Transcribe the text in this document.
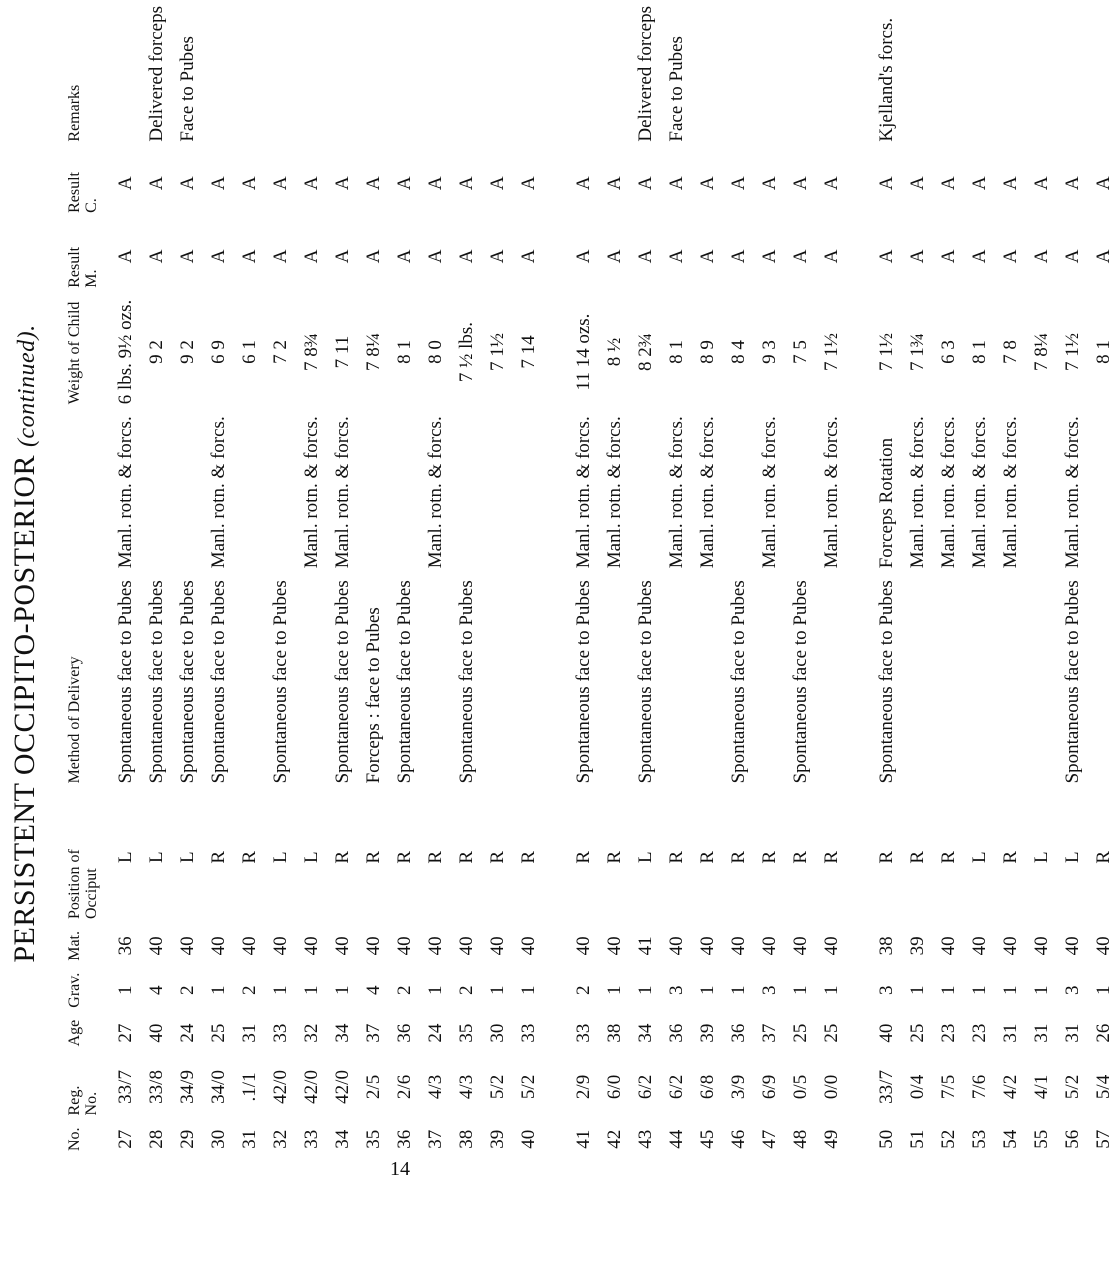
PERSISTENT OCCIPITO-POSTERIOR (continued).
No.	Reg. No.	Age	Grav.	Mat.	Position of Occiput	Method of Delivery		Weight of Child	Result M.	Result C.	Remarks
27	33/7	27	1	36	L	Spontaneous face to Pubes	Manl. rotn. & forcs.	6 lbs. 9½ ozs.	A	A	
28	33/8	40	4	40	L	Spontaneous face to Pubes		9 2	A	A	Delivered forceps
29	34/9	24	2	40	L	Spontaneous face to Pubes		9 2	A	A	Face to Pubes
30	34/0	25	1	40	R	Spontaneous face to Pubes	Manl. rotn. & forcs.	6 9	A	A	
31	.1/1	31	2	40	R			6 1	A	A	
32	42/0	33	1	40	L	Spontaneous face to Pubes		7 2	A	A	
33	42/0	32	1	40	L		Manl. rotn. & forcs.	7 8¾	A	A	
34	42/0	34	1	40	R	Spontaneous face to Pubes	Manl. rotn. & forcs.	7 11	A	A	
35	2/5	37	4	40	R	Forceps : face to Pubes		7 8¼	A	A	
36	2/6	36	2	40	R	Spontaneous face to Pubes		8 1	A	A	
37	4/3	24	1	40	R		Manl. rotn. & forcs.	8 0	A	A	
38	4/3	35	2	40	R	Spontaneous face to Pubes		7 ½ lbs.	A	A	
39	5/2	30	1	40	R			7 1½	A	A	
40	5/2	33	1	40	R			7 14	A	A	

41	2/9	33	2	40	R	Spontaneous face to Pubes	Manl. rotn. & forcs.	11 14 ozs.	A	A	
42	6/0	38	1	40	R		Manl. rotn. & forcs.	8 ½	A	A	
43	6/2	34	1	41	L	Spontaneous face to Pubes		8 2¾	A	A	Delivered forceps
44	6/2	36	3	40	R		Manl. rotn. & forcs.	8 1	A	A	Face to Pubes
45	6/8	39	1	40	R		Manl. rotn. & forcs.	8 9	A	A	
46	3/9	36	1	40	R	Spontaneous face to Pubes		8 4	A	A	
47	6/9	37	3	40	R		Manl. rotn. & forcs.	9 3	A	A	
48	0/5	25	1	40	R	Spontaneous face to Pubes		7 5	A	A	
49	0/0	25	1	40	R		Manl. rotn. & forcs.	7 1½	A	A	

50	33/7	40	3	38	R	Spontaneous face to Pubes	Forceps Rotation	7 1½	A	A	Kjelland's forcs.
51	0/4	25	1	39	R		Manl. rotn. & forcs.	7 1¾	A	A	
52	7/5	23	1	40	R		Manl. rotn. & forcs.	6 3	A	A	
53	7/6	23	1	40	L		Manl. rotn. & forcs.	8 1	A	A	
54	4/2	31	1	40	R		Manl. rotn. & forcs.	7 8	A	A	
55	4/1	31	1	40	L			7 8¼	A	A	
56	5/2	31	3	40	L	Spontaneous face to Pubes	Manl. rotn. & forcs.	7 1½	A	A	
57	5/4	26	1	40	R			8 1	A	A	
14
